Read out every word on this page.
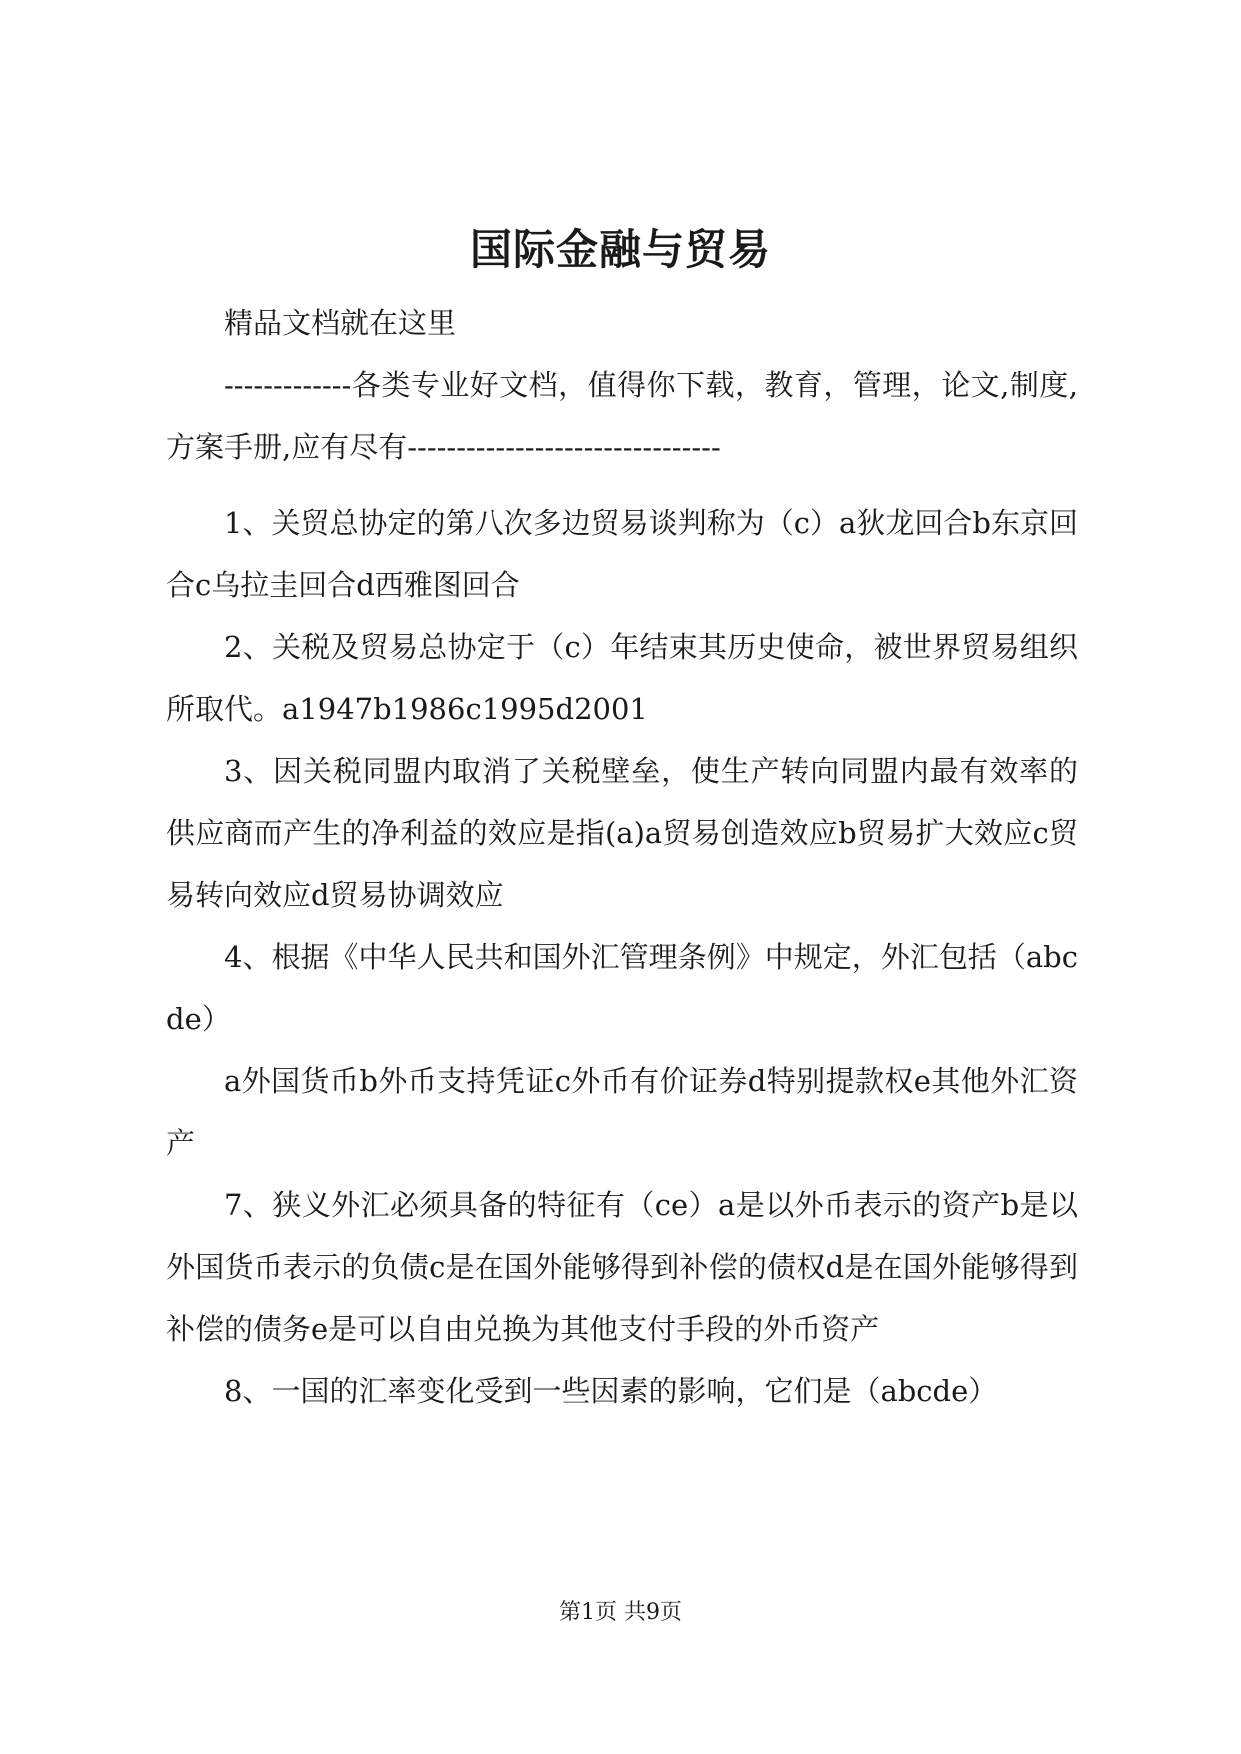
国际金融与贸易

精品文档就在这里

-------------各类专业好文档，值得你下载，教育，管理，论文,制度,方案手册,应有尽有--------------------------------

1、关贸总协定的第八次多边贸易谈判称为（c）a狄龙回合b东京回合c乌拉圭回合d西雅图回合

2、关税及贸易总协定于（c）年结束其历史使命，被世界贸易组织所取代。a1947b1986c1995d2001

3、因关税同盟内取消了关税壁垒，使生产转向同盟内最有效率的供应商而产生的净利益的效应是指(a)a贸易创造效应b贸易扩大效应c贸易转向效应d贸易协调效应

4、根据《中华人民共和国外汇管理条例》中规定，外汇包括（abcde）

a外国货币b外币支持凭证c外币有价证券d特别提款权e其他外汇资产

7、狭义外汇必须具备的特征有（ce）a是以外币表示的资产b是以外国货币表示的负债c是在国外能够得到补偿的债权d是在国外能够得到补偿的债务e是可以自由兑换为其他支付手段的外币资产

8、一国的汇率变化受到一些因素的影响，它们是（abcde）

第1页 共9页
